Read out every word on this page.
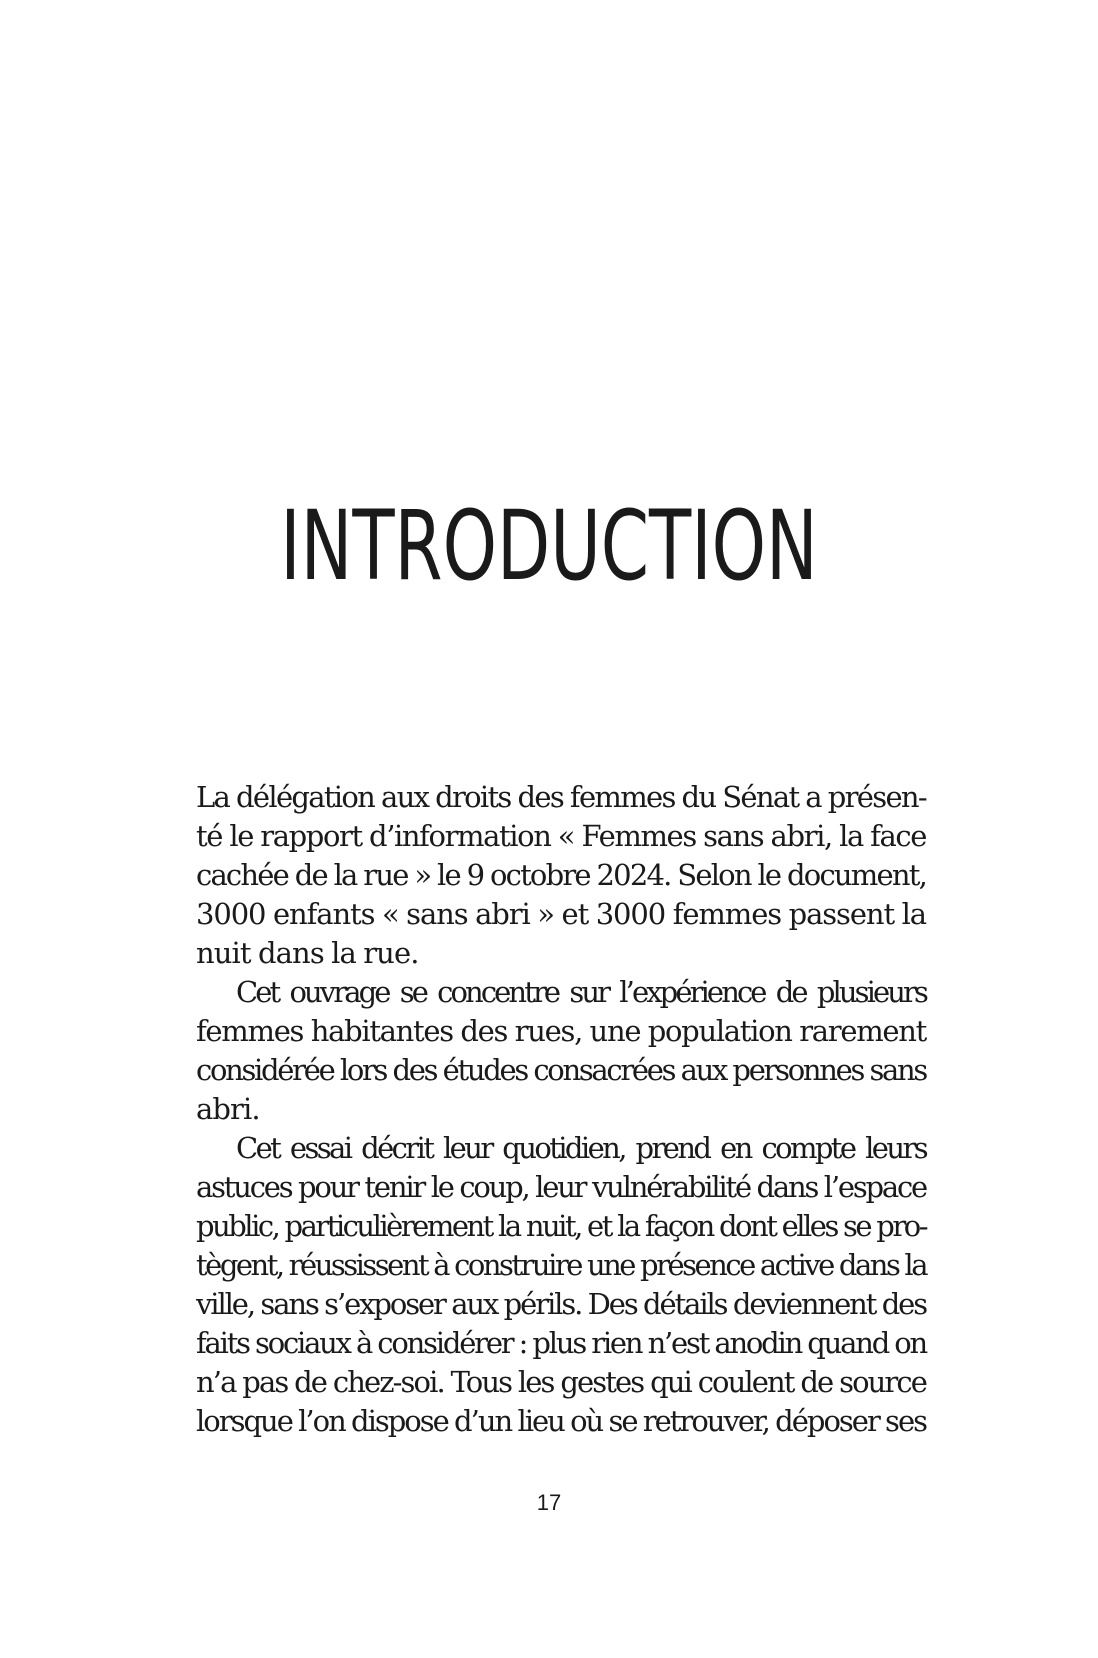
INTRODUCTION

La délégation aux droits des femmes du Sénat a présen-
té le rapport d’information « Femmes sans abri, la face
cachée de la rue » le 9 octobre 2024. Selon le document,
3000 enfants « sans abri » et 3000 femmes passent la
nuit dans la rue.

Cet ouvrage se concentre sur l’expérience de plusieurs
femmes habitantes des rues, une population rarement
considérée lors des études consacrées aux personnes sans
abri.

Cet essai décrit leur quotidien, prend en compte leurs
astuces pour tenir le coup, leur vulnérabilité dans l’espace
public, particulièrement la nuit, et la façon dont elles se pro-
tègent, réussissent à construire une présence active dans la
ville, sans s’exposer aux périls. Des détails deviennent des
faits sociaux à considérer : plus rien n’est anodin quand on
n’a pas de chez-soi. Tous les gestes qui coulent de source
lorsque l’on dispose d’un lieu où se retrouver, déposer ses

17
